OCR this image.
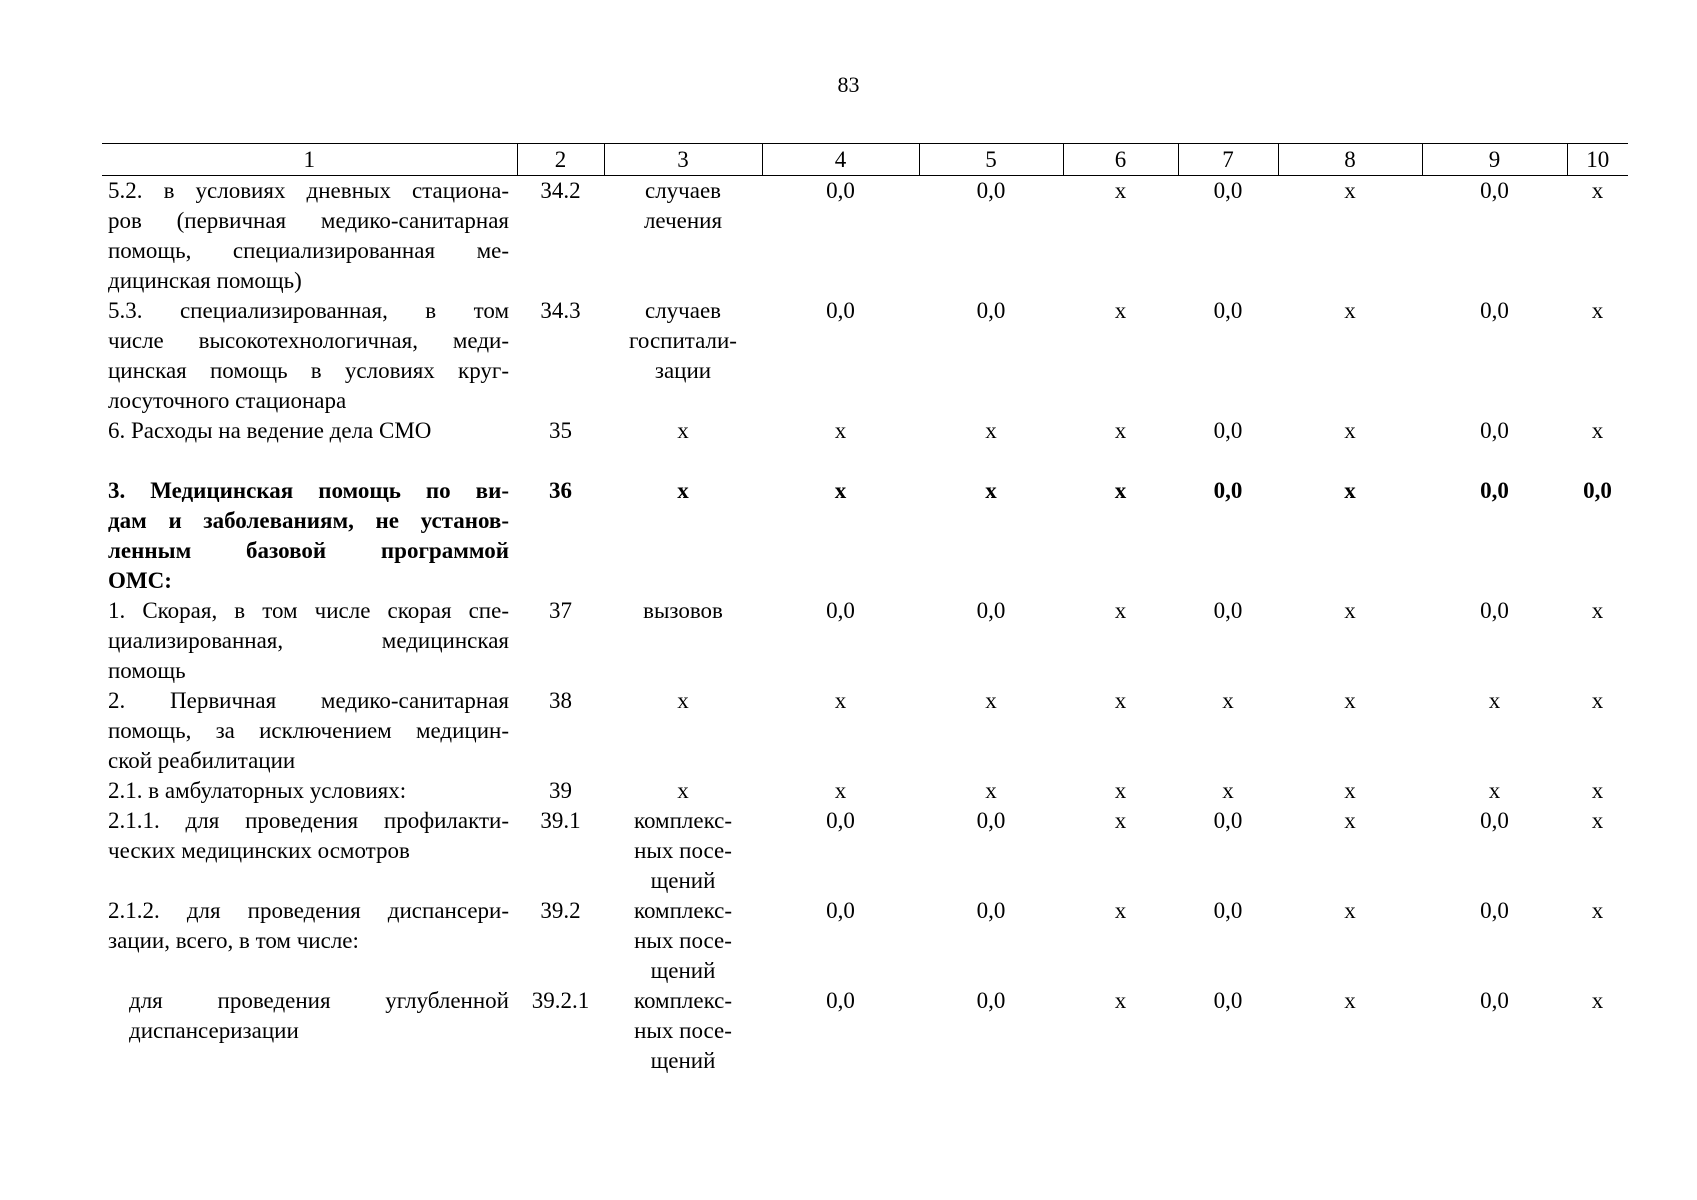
83
1	2	3	4	5	6	7	8	9	10

5.2. в условиях дневных стациона-
ров (первичная медико-санитарная
помощь, специализированная ме-
дицинская помощь)	34.2	случаев
лечения	0,0	0,0	х	0,0	х	0,0	х

5.3. специализированная, в том
числе высокотехнологичная, меди-
цинская помощь в условиях круг-
лосуточного стационара	34.3	случаев
госпитали-
зации	0,0	0,0	х	0,0	х	0,0	х

6. Расходы на ведение дела СМО	35	х	х	х	х	0,0	х	0,0	х

3. Медицинская помощь по ви-
дам и заболеваниям, не установ-
ленным базовой программой
ОМС:	36	х	х	х	х	0,0	х	0,0	0,0

1. Скорая, в том числе скорая спе-
циализированная, медицинская
помощь	37	вызовов	0,0	0,0	х	0,0	х	0,0	х

2. Первичная медико-санитарная
помощь, за исключением медицин-
ской реабилитации	38	х	х	х	х	х	х	х	х

2.1. в амбулаторных условиях:	39	х	х	х	х	х	х	х	х

2.1.1. для проведения профилакти-
ческих медицинских осмотров	39.1	комплекс-
ных посе-
щений	0,0	0,0	х	0,0	х	0,0	х

2.1.2. для проведения диспансери-
зации, всего, в том числе:	39.2	комплекс-
ных посе-
щений	0,0	0,0	х	0,0	х	0,0	х

для проведения углубленной
диспансеризации	39.2.1	комплекс-
ных посе-
щений	0,0	0,0	х	0,0	х	0,0	х
